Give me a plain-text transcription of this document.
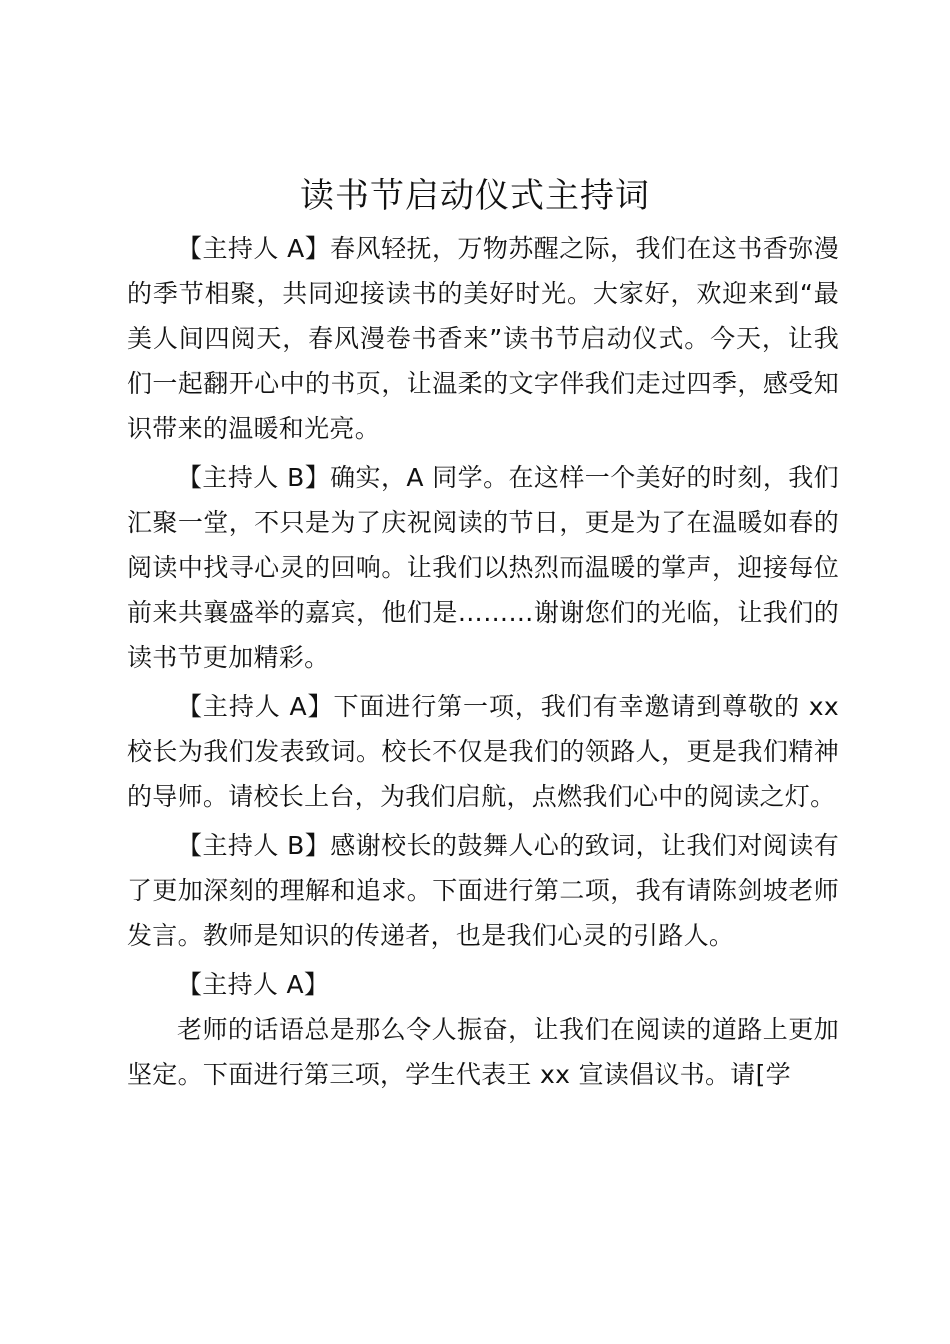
读书节启动仪式主持词

【主持人 A】春风轻抚，万物苏醒之际，我们在这书香弥漫的季节相聚，共同迎接读书的美好时光。大家好，欢迎来到“最美人间四阅天，春风漫卷书香来”读书节启动仪式。今天，让我们一起翻开心中的书页，让温柔的文字伴我们走过四季，感受知识带来的温暖和光亮。

【主持人 B】确实，A 同学。在这样一个美好的时刻，我们汇聚一堂，不只是为了庆祝阅读的节日，更是为了在温暖如春的阅读中找寻心灵的回响。让我们以热烈而温暖的掌声，迎接每位前来共襄盛举的嘉宾，他们是………谢谢您们的光临，让我们的读书节更加精彩。

【主持人 A】下面进行第一项，我们有幸邀请到尊敬的 xx 校长为我们发表致词。校长不仅是我们的领路人，更是我们精神的导师。请校长上台，为我们启航，点燃我们心中的阅读之灯。

【主持人 B】感谢校长的鼓舞人心的致词，让我们对阅读有了更加深刻的理解和追求。下面进行第二项，我有请陈剑坡老师发言。教师是知识的传递者，也是我们心灵的引路人。

【主持人 A】

老师的话语总是那么令人振奋，让我们在阅读的道路上更加坚定。下面进行第三项，学生代表王 xx 宣读倡议书。请[学
